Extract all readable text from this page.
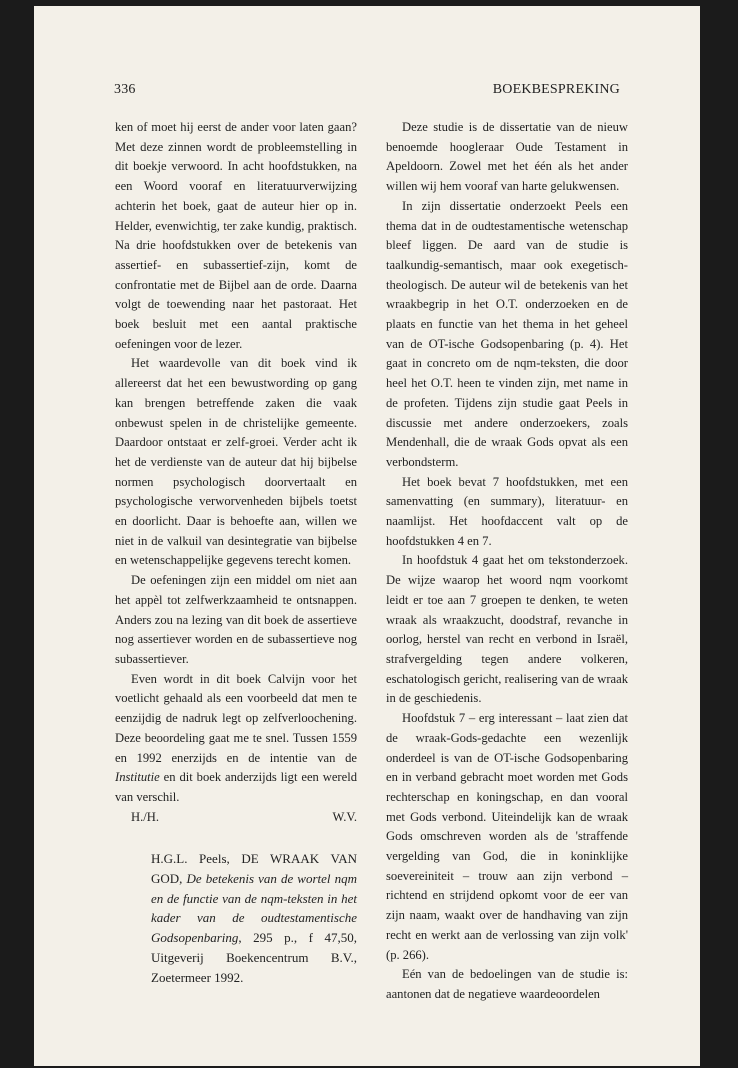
336	BOEKBESPREKING

ken of moet hij eerst de ander voor laten gaan? Met deze zinnen wordt de probleemstelling in dit boekje verwoord. In acht hoofdstukken, na een Woord vooraf en literatuurverwijzing achterin het boek, gaat de auteur hier op in. Helder, evenwichtig, ter zake kundig, praktisch. Na drie hoofdstukken over de betekenis van assertief- en subassertief-zijn, komt de confrontatie met de Bijbel aan de orde. Daarna volgt de toewending naar het pastoraat. Het boek besluit met een aantal praktische oefeningen voor de lezer.

Het waardevolle van dit boek vind ik allereerst dat het een bewustwording op gang kan brengen betreffende zaken die vaak onbewust spelen in de christelijke gemeente. Daardoor ontstaat er zelf-groei. Verder acht ik het de verdienste van de auteur dat hij bijbelse normen psychologisch doorvertaalt en psychologische verworvenheden bijbels toetst en doorlicht. Daar is behoefte aan, willen we niet in de valkuil van desintegratie van bijbelse en wetenschappelijke gegevens terecht komen.

De oefeningen zijn een middel om niet aan het appèl tot zelfwerkzaamheid te ontsnappen. Anders zou na lezing van dit boek de assertieve nog assertiever worden en de subassertieve nog subassertiever.

Even wordt in dit boek Calvijn voor het voetlicht gehaald als een voorbeeld dat men te eenzijdig de nadruk legt op zelfverloochening. Deze beoordeling gaat me te snel. Tussen 1559 en 1992 enerzijds en de intentie van de Institutie en dit boek anderzijds ligt een wereld van verschil.

H./H.	W.V.

H.G.L. Peels, DE WRAAK VAN GOD, De betekenis van de wortel nqm en de functie van de nqm-teksten in het kader van de oudtestamentische Godsopenbaring, 295 p., f 47,50, Uitgeverij Boekencentrum B.V., Zoetermeer 1992.

Deze studie is de dissertatie van de nieuw benoemde hoogleraar Oude Testament in Apeldoorn. Zowel met het één als het ander willen wij hem vooraf van harte gelukwensen.

In zijn dissertatie onderzoekt Peels een thema dat in de oudtestamentische wetenschap bleef liggen. De aard van de studie is taalkundig-semantisch, maar ook exegetisch-theologisch. De auteur wil de betekenis van het wraakbegrip in het O.T. onderzoeken en de plaats en functie van het thema in het geheel van de OT-ische Godsopenbaring (p. 4). Het gaat in concreto om de nqm-teksten, die door heel het O.T. heen te vinden zijn, met name in de profeten. Tijdens zijn studie gaat Peels in discussie met andere onderzoekers, zoals Mendenhall, die de wraak Gods opvat als een verbondsterm.

Het boek bevat 7 hoofdstukken, met een samenvatting (en summary), literatuur- en naamlijst. Het hoofdaccent valt op de hoofdstukken 4 en 7.

In hoofdstuk 4 gaat het om tekstonderzoek. De wijze waarop het woord nqm voorkomt leidt er toe aan 7 groepen te denken, te weten wraak als wraakzucht, doodstraf, revanche in oorlog, herstel van recht en verbond in Israël, strafvergelding tegen andere volkeren, eschatologisch gericht, realisering van de wraak in de geschiedenis.

Hoofdstuk 7 – erg interessant – laat zien dat de wraak-Gods-gedachte een wezenlijk onderdeel is van de OT-ische Godsopenbaring en in verband gebracht moet worden met Gods rechterschap en koningschap, en dan vooral met Gods verbond. Uiteindelijk kan de wraak Gods omschreven worden als de 'straffende vergelding van God, die in koninklijke soevereiniteit – trouw aan zijn verbond – richtend en strijdend opkomt voor de eer van zijn naam, waakt over de handhaving van zijn recht en werkt aan de verlossing van zijn volk' (p. 266).

Eén van de bedoelingen van de studie is: aantonen dat de negatieve waardeoordelen
